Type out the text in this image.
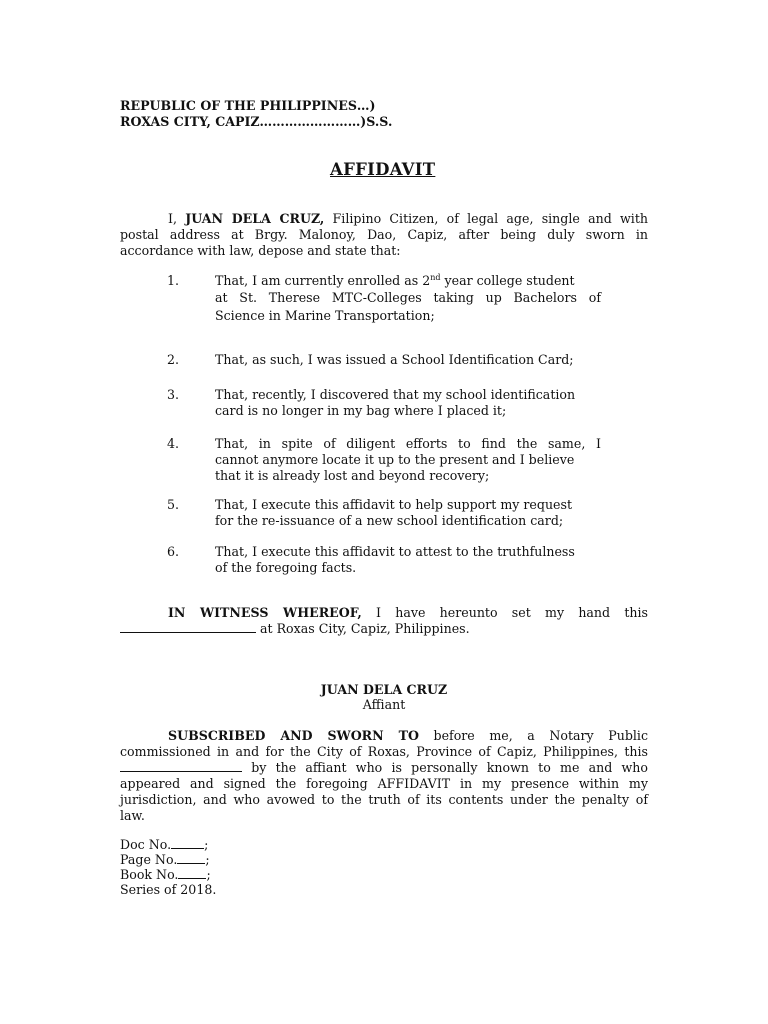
REPUBLIC OF THE PHILIPPINES…)
ROXAS CITY, CAPIZ……………………)S.S.
AFFIDAVIT
I, JUAN DELA CRUZ, Filipino Citizen, of legal age, single and with
postal address at Brgy. Malonoy, Dao, Capiz, after being duly sworn in
accordance with law, depose and state that:
1.	That, I am currently enrolled as 2nd year college student
at St. Therese MTC-Colleges taking up Bachelors of
Science in Marine Transportation;
2.	That, as such, I was issued a School Identification Card;
3.	That, recently, I discovered that my school identification
card is no longer in my bag where I placed it;
4.	That, in spite of diligent efforts to find the same, I
cannot anymore locate it up to the present and I believe
that it is already lost and beyond recovery;
5.	That, I execute this affidavit to help support my request
for the re-issuance of a new school identification card;
6.	That, I execute this affidavit to attest to the truthfulness
of the foregoing facts.
IN WITNESS WHEREOF, I have hereunto set my hand this
at Roxas City, Capiz, Philippines.
JUAN DELA CRUZ
Affiant
SUBSCRIBED AND SWORN TO before me, a Notary Public
commissioned in and for the City of Roxas, Province of Capiz, Philippines, this
by the affiant who is personally known to me and who
appeared and signed the foregoing AFFIDAVIT in my presence within my
jurisdiction, and who avowed to the truth of its contents under the penalty of
law.
Doc No.	;
Page No. ;
Book No. ;
Series of 2018.
